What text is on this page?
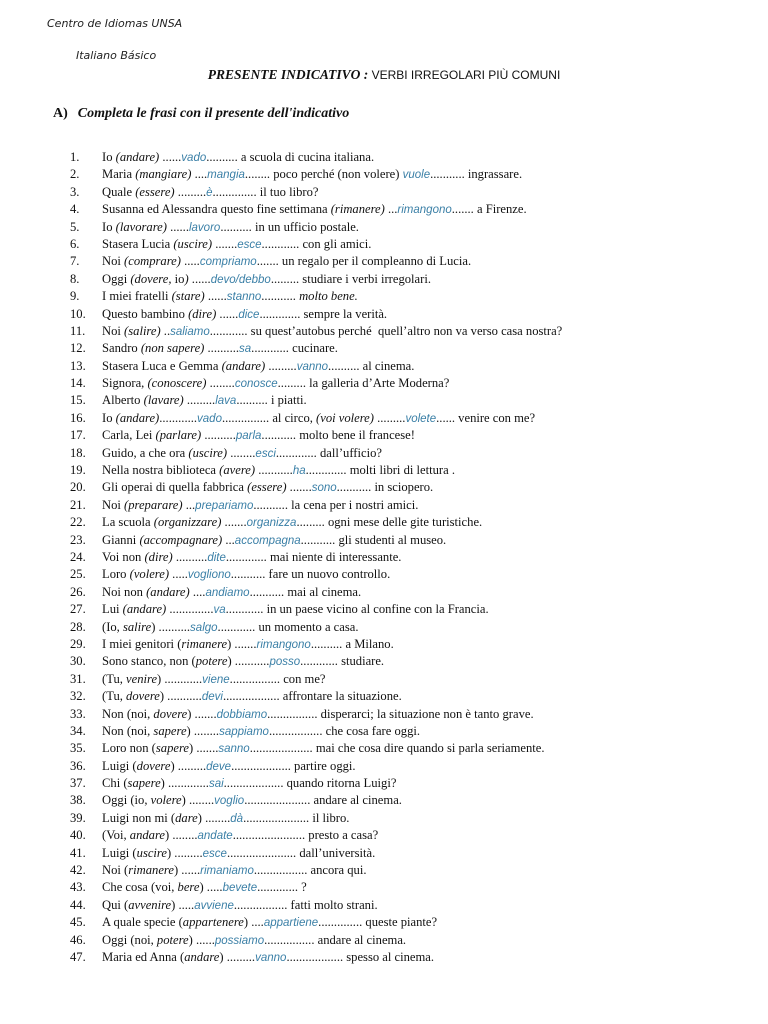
Centro de Idiomas UNSA
Italiano Básico
PRESENTE INDICATIVO : VERBI IRREGOLARI PIÙ COMUNI
A) Completa le frasi con il presente dell'indicativo
1.	Io (andare) ......vado.......... a scuola di cucina italiana.
2.	Maria (mangiare) ....mangia........ poco perché (non volere) vuole........... ingrassare.
3.	Quale (essere) .........è.............. il tuo libro?
4.	Susanna ed Alessandra questo fine settimana (rimanere) ...rimangono....... a Firenze.
5.	Io (lavorare) ......lavoro.......... in un ufficio postale.
6.	Stasera Lucia (uscire) .......esce............ con gli amici.
7.	Noi (comprare) .....compriamo....... un regalo per il compleanno di Lucia.
8.	Oggi (dovere, io) ......devo/debbo......... studiare i verbi irregolari.
9.	I miei fratelli (stare) ......stanno........... molto bene.
10.	Questo bambino (dire) ......dice............. sempre la verità.
11.	Noi (salire) ..saliamo............ su quest’autobus perché  quell’altro non va verso casa nostra?
12.	Sandro (non sapere) ..........sa............ cucinare.
13.	Stasera Luca e Gemma (andare) .........vanno.......... al cinema.
14.	Signora, (conoscere) ........conosce......... la galleria d’Arte Moderna?
15.	Alberto (lavare) .........lava.......... i piatti.
16.	Io (andare)............vado............... al circo, (voi volere) .........volete...... venire con me?
17.	Carla, Lei (parlare) ..........parla........... molto bene il francese!
18.	Guido, a che ora (uscire) ........esci............. dall’ufficio?
19.	Nella nostra biblioteca (avere) ...........ha............. molti libri di lettura .
20.	Gli operai di quella fabbrica (essere) .......sono........... in sciopero.
21.	Noi (preparare) ...prepariamo........... la cena per i nostri amici.
22.	La scuola (organizzare) .......organizza......... ogni mese delle gite turistiche.
23.	Gianni (accompagnare) ...accompagna........... gli studenti al museo.
24.	Voi non (dire) ..........dite............. mai niente di interessante.
25.	Loro (volere) .....vogliono........... fare un nuovo controllo.
26.	Noi non (andare) ....andiamo........... mai al cinema.
27.	Lui (andare) ..............va............ in un paese vicino al confine con la Francia.
28.	(Io, salire) ..........salgo............ un momento a casa.
29.	I miei genitori (rimanere) .......rimangono.......... a Milano.
30.	Sono stanco, non (potere) ...........posso............ studiare.
31.	(Tu, venire) ............viene................ con me?
32.	(Tu, dovere) ...........devi.................. affrontare la situazione.
33.	Non (noi, dovere) .......dobbiamo................ disperarci; la situazione non è tanto grave.
34.	Non (noi, sapere) ........sappiamo................. che cosa fare oggi.
35.	Loro non (sapere) .......sanno.................... mai che cosa dire quando si parla seriamente.
36.	Luigi (dovere) .........deve................... partire oggi.
37.	Chi (sapere) .............sai................... quando ritorna Luigi?
38.	Oggi (io, volere) ........voglio..................... andare al cinema.
39.	Luigi non mi (dare) ........dà..................... il libro.
40.	(Voi, andare) ........andate....................... presto a casa?
41.	Luigi (uscire) .........esce...................... dall’università.
42.	Noi (rimanere) ......rimaniamo................. ancora qui.
43.	Che cosa (voi, bere) .....bevete............. ?
44.	Qui (avvenire) .....avviene................. fatti molto strani.
45.	A quale specie (appartenere) ....appartiene.............. queste piante?
46.	Oggi (noi, potere) ......possiamo................ andare al cinema.
47.	Maria ed Anna (andare) .........vanno.................. spesso al cinema.
